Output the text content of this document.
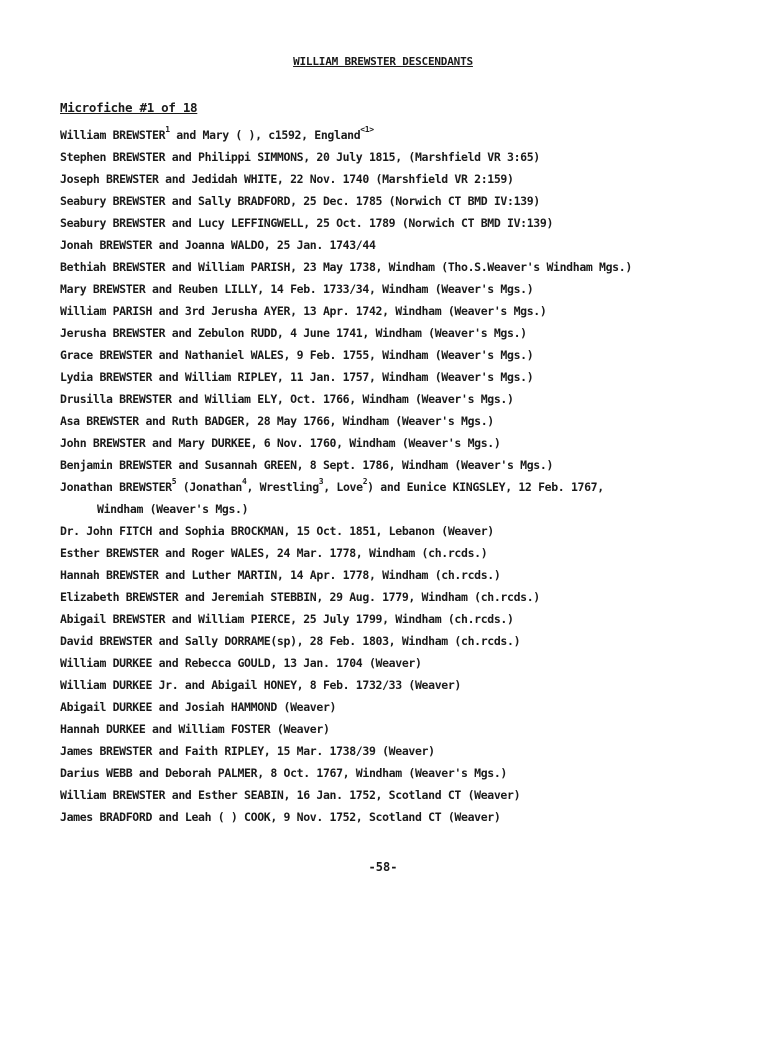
WILLIAM BREWSTER DESCENDANTS
Microfiche #1 of 18
William BREWSTER$^1$ and Mary ( ), c1592, England$^{<1>}$
Stephen BREWSTER and Philippi SIMMONS, 20 July 1815, (Marshfield VR 3:65)
Joseph BREWSTER and Jedidah WHITE, 22 Nov. 1740 (Marshfield VR 2:159)
Seabury BREWSTER and Sally BRADFORD, 25 Dec. 1785 (Norwich CT BMD IV:139)
Seabury BREWSTER and Lucy LEFFINGWELL, 25 Oct. 1789 (Norwich CT BMD IV:139)
Jonah BREWSTER and Joanna WALDO, 25 Jan. 1743/44
Bethiah BREWSTER and William PARISH, 23 May 1738, Windham (Tho.S.Weaver's Windham Mgs.)
Mary BREWSTER and Reuben LILLY, 14 Feb. 1733/34, Windham (Weaver's Mgs.)
William PARISH and 3rd Jerusha AYER, 13 Apr. 1742, Windham (Weaver's Mgs.)
Jerusha BREWSTER and Zebulon RUDD, 4 June 1741, Windham (Weaver's Mgs.)
Grace BREWSTER and Nathaniel WALES, 9 Feb. 1755, Windham (Weaver's Mgs.)
Lydia BREWSTER and William RIPLEY, 11 Jan. 1757, Windham (Weaver's Mgs.)
Drusilla BREWSTER and William ELY, Oct. 1766, Windham (Weaver's Mgs.)
Asa BREWSTER and Ruth BADGER, 28 May 1766, Windham (Weaver's Mgs.)
John BREWSTER and Mary DURKEE, 6 Nov. 1760, Windham (Weaver's Mgs.)
Benjamin BREWSTER and Susannah GREEN, 8 Sept. 1786, Windham (Weaver's Mgs.)
Jonathan BREWSTER$^5$ (Jonathan$^4$, Wrestling$^3$, Love$^2$) and Eunice KINGSLEY, 12 Feb. 1767,
Windham (Weaver's Mgs.)
Dr. John FITCH and Sophia BROCKMAN, 15 Oct. 1851, Lebanon (Weaver)
Esther BREWSTER and Roger WALES, 24 Mar. 1778, Windham (ch.rcds.)
Hannah BREWSTER and Luther MARTIN, 14 Apr. 1778, Windham (ch.rcds.)
Elizabeth BREWSTER and Jeremiah STEBBIN, 29 Aug. 1779, Windham (ch.rcds.)
Abigail BREWSTER and William PIERCE, 25 July 1799, Windham (ch.rcds.)
David BREWSTER and Sally DORRAME(sp), 28 Feb. 1803, Windham (ch.rcds.)
William DURKEE and Rebecca GOULD, 13 Jan. 1704 (Weaver)
William DURKEE Jr. and Abigail HONEY, 8 Feb. 1732/33 (Weaver)
Abigail DURKEE and Josiah HAMMOND (Weaver)
Hannah DURKEE and William FOSTER (Weaver)
James BREWSTER and Faith RIPLEY, 15 Mar. 1738/39 (Weaver)
Darius WEBB and Deborah PALMER, 8 Oct. 1767, Windham (Weaver's Mgs.)
William BREWSTER and Esther SEABIN, 16 Jan. 1752, Scotland CT (Weaver)
James BRADFORD and Leah ( ) COOK, 9 Nov. 1752, Scotland CT (Weaver)
-58-
